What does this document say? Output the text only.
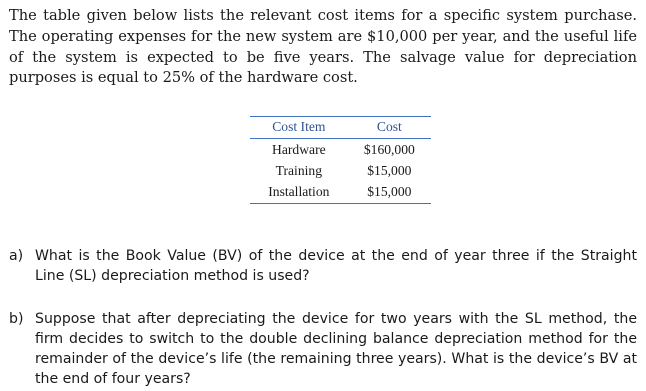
The table given below lists the relevant cost items for a specific system purchase. The operating expenses for the new system are $10,000 per year, and the useful life of the system is expected to be five years. The salvage value for depreciation purposes is equal to 25% of the hardware cost.

Cost Item	Cost
Hardware	$160,000
Training	$15,000
Installation	$15,000
a) What is the Book Value (BV) of the device at the end of year three if the Straight Line (SL) depreciation method is used?
b) Suppose that after depreciating the device for two years with the SL method, the firm decides to switch to the double declining balance depreciation method for the remainder of the device’s life (the remaining three years). What is the device’s BV at the end of four years?
